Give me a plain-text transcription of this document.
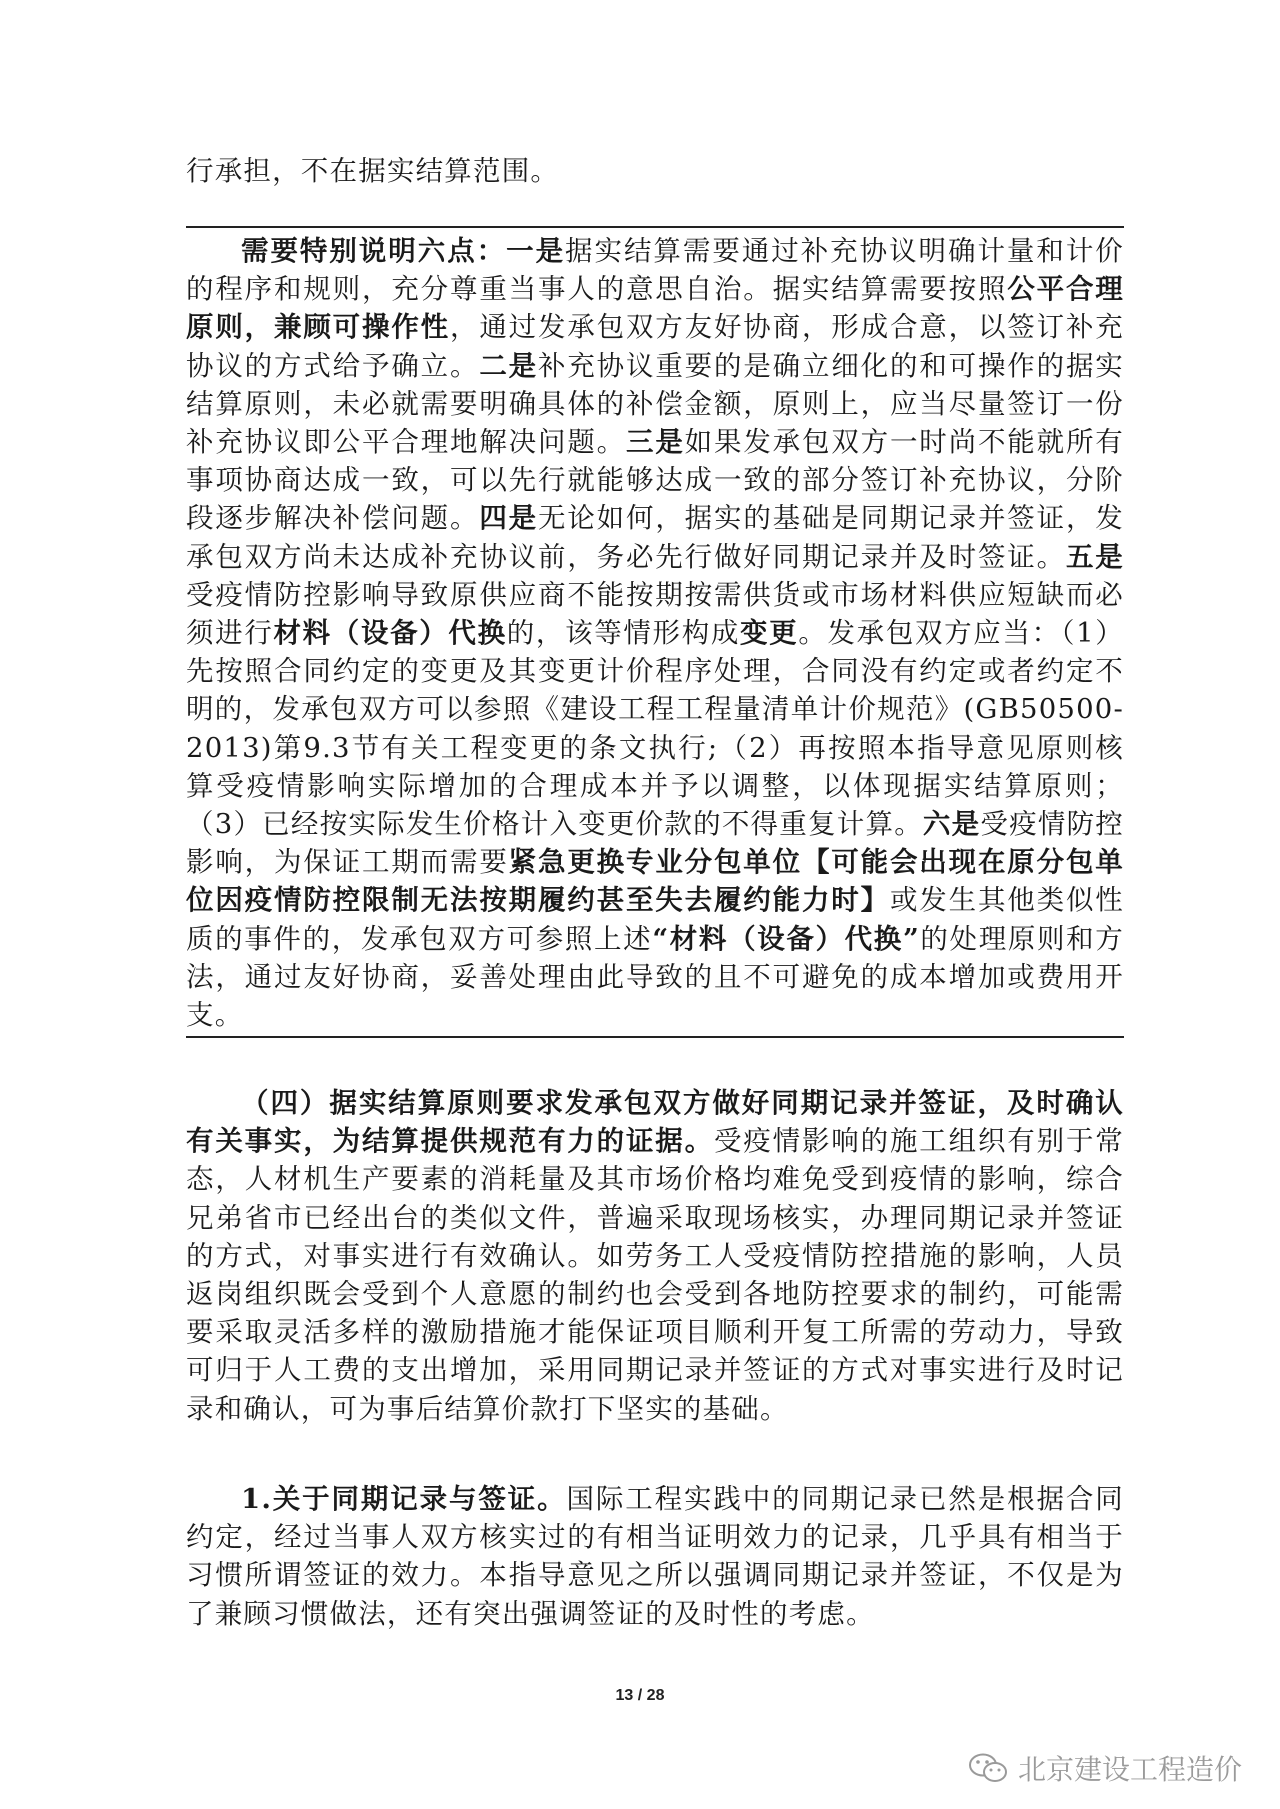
行承担，不在据实结算范围。

需要特别说明六点：一是据实结算需要通过补充协议明确计量和计价的程序和规则，充分尊重当事人的意思自治。据实结算需要按照公平合理原则，兼顾可操作性，通过发承包双方友好协商，形成合意，以签订补充协议的方式给予确立。二是补充协议重要的是确立细化的和可操作的据实结算原则，未必就需要明确具体的补偿金额，原则上，应当尽量签订一份补充协议即公平合理地解决问题。三是如果发承包双方一时尚不能就所有事项协商达成一致，可以先行就能够达成一致的部分签订补充协议，分阶段逐步解决补偿问题。四是无论如何，据实的基础是同期记录并签证，发承包双方尚未达成补充协议前，务必先行做好同期记录并及时签证。五是受疫情防控影响导致原供应商不能按期按需供货或市场材料供应短缺而必须进行材料（设备）代换的，该等情形构成变更。发承包双方应当：（1）先按照合同约定的变更及其变更计价程序处理，合同没有约定或者约定不明的，发承包双方可以参照《建设工程工程量清单计价规范》(GB50500-2013)第9.3节有关工程变更的条文执行;（2）再按照本指导意见原则核算受疫情影响实际增加的合理成本并予以调整，以体现据实结算原则；（3）已经按实际发生价格计入变更价款的不得重复计算。六是受疫情防控影响，为保证工期而需要紧急更换专业分包单位【可能会出现在原分包单位因疫情防控限制无法按期履约甚至失去履约能力时】或发生其他类似性质的事件的，发承包双方可参照上述“材料（设备）代换”的处理原则和方法，通过友好协商，妥善处理由此导致的且不可避免的成本增加或费用开支。

（四）据实结算原则要求发承包双方做好同期记录并签证，及时确认有关事实，为结算提供规范有力的证据。受疫情影响的施工组织有别于常态，人材机生产要素的消耗量及其市场价格均难免受到疫情的影响，综合兄弟省市已经出台的类似文件，普遍采取现场核实，办理同期记录并签证的方式，对事实进行有效确认。如劳务工人受疫情防控措施的影响，人员返岗组织既会受到个人意愿的制约也会受到各地防控要求的制约，可能需要采取灵活多样的激励措施才能保证项目顺利开复工所需的劳动力，导致可归于人工费的支出增加，采用同期记录并签证的方式对事实进行及时记录和确认，可为事后结算价款打下坚实的基础。

1.关于同期记录与签证。国际工程实践中的同期记录已然是根据合同约定，经过当事人双方核实过的有相当证明效力的记录，几乎具有相当于习惯所谓签证的效力。本指导意见之所以强调同期记录并签证，不仅是为了兼顾习惯做法，还有突出强调签证的及时性的考虑。

13 / 28
北京建设工程造价
